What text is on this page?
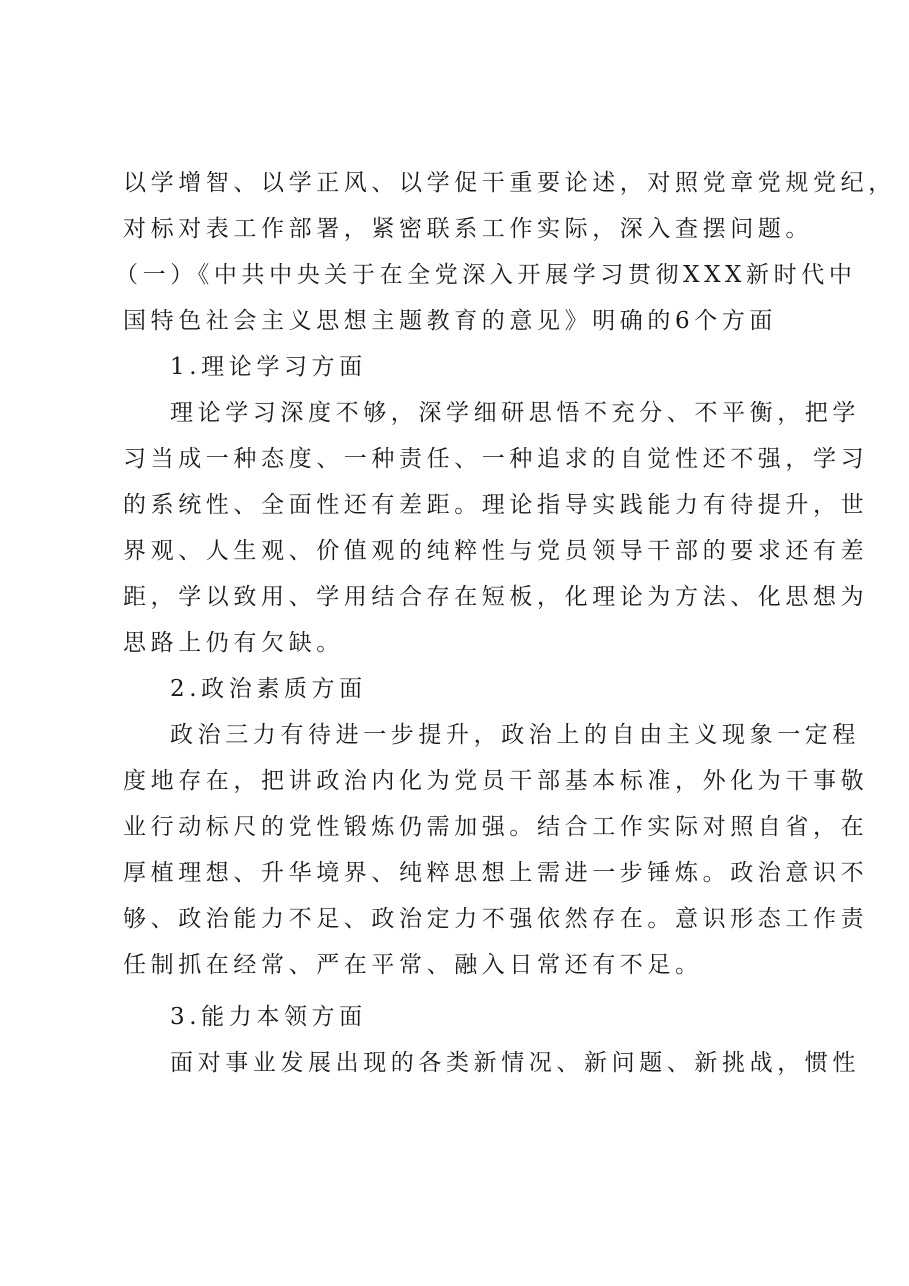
以学增智、以学正风、以学促干重要论述，对照党章党规党纪，
对标对表工作部署，紧密联系工作实际，深入查摆问题。
（一）《中共中央关于在全党深入开展学习贯彻XXX新时代中
国特色社会主义思想主题教育的意见》明确的6个方面
1.理论学习方面
理论学习深度不够，深学细研思悟不充分、不平衡，把学
习当成一种态度、一种责任、一种追求的自觉性还不强，学习
的系统性、全面性还有差距。理论指导实践能力有待提升，世
界观、人生观、价值观的纯粹性与党员领导干部的要求还有差
距，学以致用、学用结合存在短板，化理论为方法、化思想为
思路上仍有欠缺。
2.政治素质方面
政治三力有待进一步提升，政治上的自由主义现象一定程
度地存在，把讲政治内化为党员干部基本标准，外化为干事敬
业行动标尺的党性锻炼仍需加强。结合工作实际对照自省，在
厚植理想、升华境界、纯粹思想上需进一步锤炼。政治意识不
够、政治能力不足、政治定力不强依然存在。意识形态工作责
任制抓在经常、严在平常、融入日常还有不足。
3.能力本领方面
面对事业发展出现的各类新情况、新问题、新挑战，惯性
